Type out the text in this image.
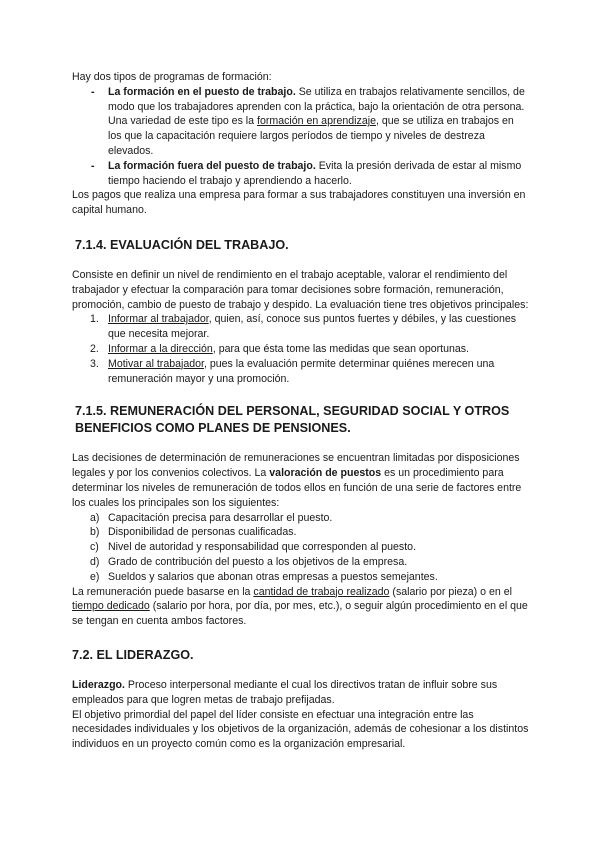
Hay dos tipos de programas de formación:

- La formación en el puesto de trabajo. Se utiliza en trabajos relativamente sencillos, de modo que los trabajadores aprenden con la práctica, bajo la orientación de otra persona. Una variedad de este tipo es la formación en aprendizaje, que se utiliza en trabajos en los que la capacitación requiere largos períodos de tiempo y niveles de destreza elevados.
- La formación fuera del puesto de trabajo. Evita la presión derivada de estar al mismo tiempo haciendo el trabajo y aprendiendo a hacerlo.

Los pagos que realiza una empresa para formar a sus trabajadores constituyen una inversión en capital humano.

7.1.4. EVALUACIÓN DEL TRABAJO.

Consiste en definir un nivel de rendimiento en el trabajo aceptable, valorar el rendimiento del trabajador y efectuar la comparación para tomar decisiones sobre formación, remuneración, promoción, cambio de puesto de trabajo y despido. La evaluación tiene tres objetivos principales:

1. Informar al trabajador, quien, así, conoce sus puntos fuertes y débiles, y las cuestiones que necesita mejorar.
2. Informar a la dirección, para que ésta tome las medidas que sean oportunas.
3. Motivar al trabajador, pues la evaluación permite determinar quiénes merecen una remuneración mayor y una promoción.
7.1.5. REMUNERACIÓN DEL PERSONAL, SEGURIDAD SOCIAL Y OTROS BENEFICIOS COMO PLANES DE PENSIONES.

Las decisiones de determinación de remuneraciones se encuentran limitadas por disposiciones legales y por los convenios colectivos. La valoración de puestos es un procedimiento para determinar los niveles de remuneración de todos ellos en función de una serie de factores entre los cuales los principales son los siguientes:

a) Capacitación precisa para desarrollar el puesto.
b) Disponibilidad de personas cualificadas.
c) Nivel de autoridad y responsabilidad que corresponden al puesto.
d) Grado de contribución del puesto a los objetivos de la empresa.
e) Sueldos y salarios que abonan otras empresas a puestos semejantes.

La remuneración puede basarse en la cantidad de trabajo realizado (salario por pieza) o en el tiempo dedicado (salario por hora, por día, por mes, etc.), o seguir algún procedimiento en el que se tengan en cuenta ambos factores.

7.2. EL LIDERAZGO.

Liderazgo. Proceso interpersonal mediante el cual los directivos tratan de influir sobre sus empleados para que logren metas de trabajo prefijadas.

El objetivo primordial del papel del líder consiste en efectuar una integración entre las necesidades individuales y los objetivos de la organización, además de cohesionar a los distintos individuos en un proyecto común como es la organización empresarial.
